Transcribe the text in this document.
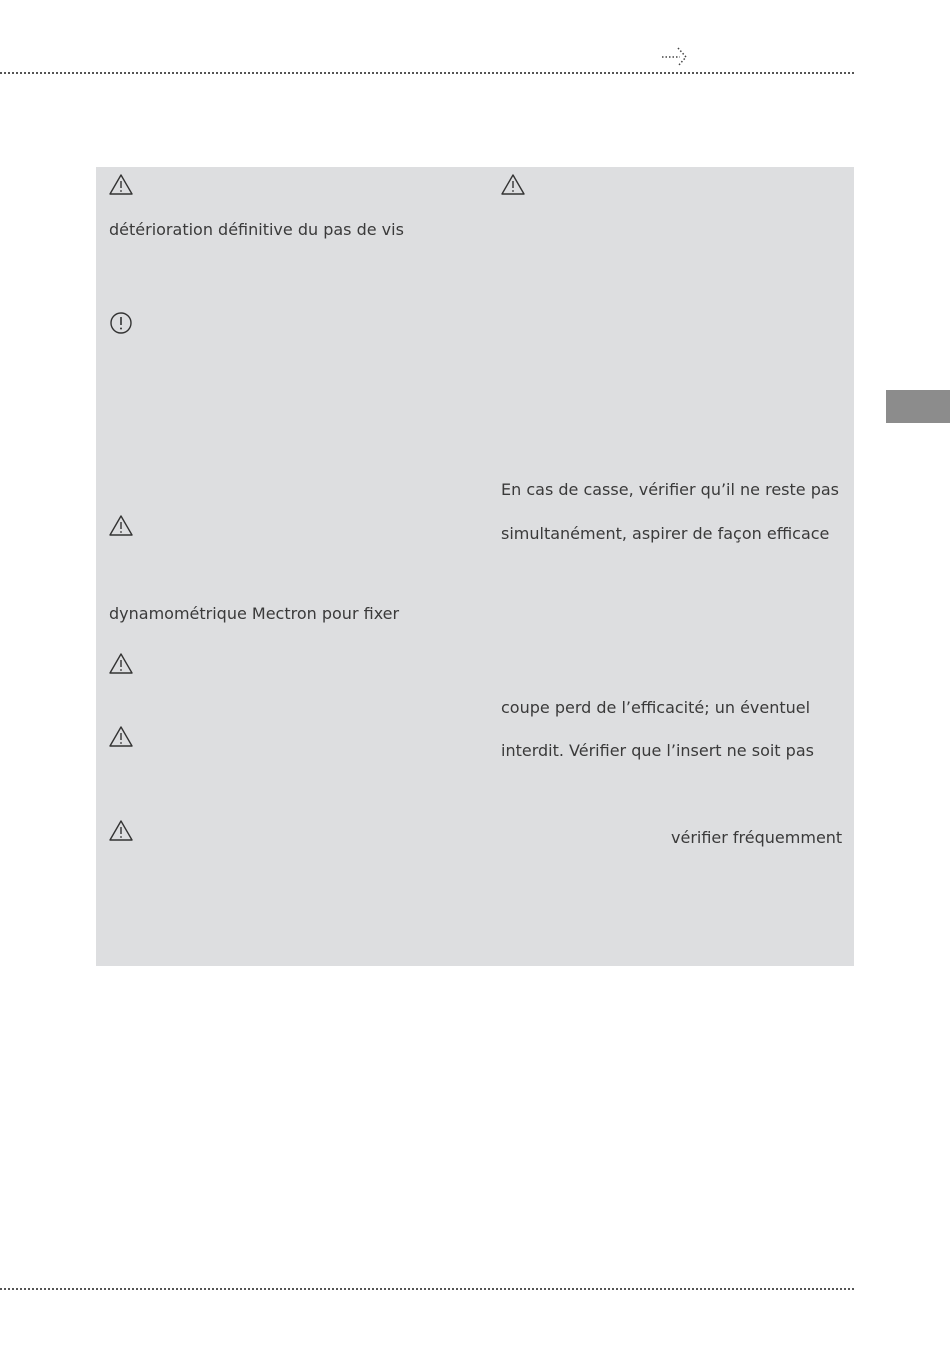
détérioration définitive du pas de vis
dynamométrique Mectron pour fixer
En cas de casse, vérifier qu’il ne reste pas
simultanément, aspirer de façon efficace
coupe perd de l’efficacité; un éventuel
interdit. Vérifier que l’insert ne soit pas
vérifier fréquemment
